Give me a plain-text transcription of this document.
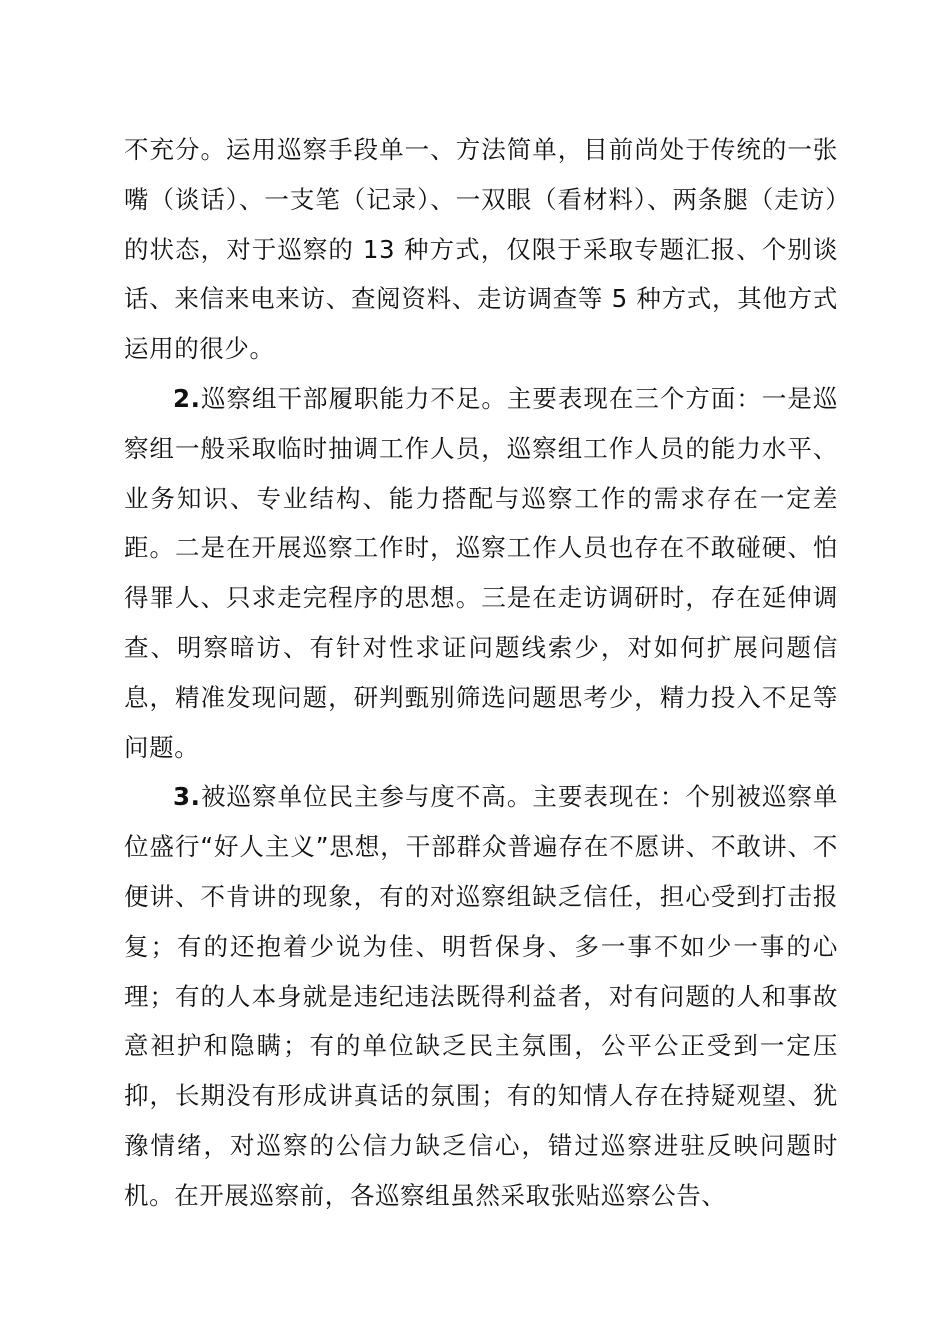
不充分。运用巡察手段单一、方法简单，目前尚处于传统的一张嘴（谈话）、一支笔（记录）、一双眼（看材料）、两条腿（走访）的状态，对于巡察的 13 种方式，仅限于采取专题汇报、个别谈话、来信来电来访、查阅资料、走访调查等 5 种方式，其他方式运用的很少。

2.巡察组干部履职能力不足。主要表现在三个方面：一是巡察组一般采取临时抽调工作人员，巡察组工作人员的能力水平、业务知识、专业结构、能力搭配与巡察工作的需求存在一定差距。二是在开展巡察工作时，巡察工作人员也存在不敢碰硬、怕得罪人、只求走完程序的思想。三是在走访调研时，存在延伸调查、明察暗访、有针对性求证问题线索少，对如何扩展问题信息，精准发现问题，研判甄别筛选问题思考少，精力投入不足等问题。

3.被巡察单位民主参与度不高。主要表现在：个别被巡察单位盛行“好人主义”思想，干部群众普遍存在不愿讲、不敢讲、不便讲、不肯讲的现象，有的对巡察组缺乏信任，担心受到打击报复；有的还抱着少说为佳、明哲保身、多一事不如少一事的心理；有的人本身就是违纪违法既得利益者，对有问题的人和事故意袒护和隐瞒；有的单位缺乏民主氛围，公平公正受到一定压抑，长期没有形成讲真话的氛围；有的知情人存在持疑观望、犹豫情绪，对巡察的公信力缺乏信心，错过巡察进驻反映问题时机。在开展巡察前，各巡察组虽然采取张贴巡察公告、
